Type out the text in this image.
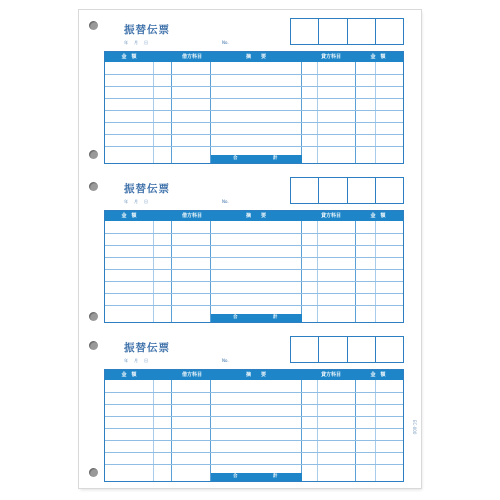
振替伝票
年 月 日	No.
金　額	借方科目	摘　　要	貸方科目	金　額
合	計
振替伝票
年 月 日	No.
金　額	借方科目	摘　　要	貸方科目	金　額
合	計
振替伝票
年 月 日	No.
金　額	借方科目	摘　　要	貸方科目	金　額
合	計
EC-000
